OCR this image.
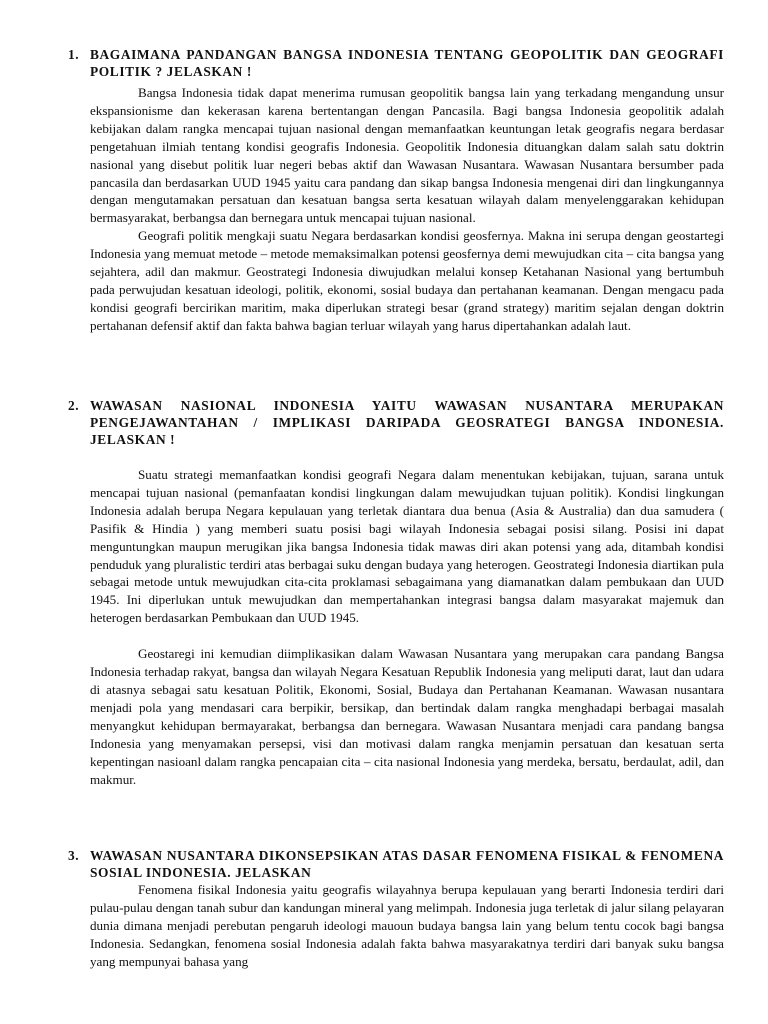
1. BAGAIMANA PANDANGAN BANGSA INDONESIA TENTANG GEOPOLITIK DAN GEOGRAFI POLITIK ? JELASKAN !

Bangsa Indonesia tidak dapat menerima rumusan geopolitik bangsa lain yang terkadang mengandung unsur ekspansionisme dan kekerasan karena bertentangan dengan Pancasila. Bagi bangsa Indonesia geopolitik adalah kebijakan dalam rangka mencapai tujuan nasional dengan memanfaatkan keuntungan letak geografis negara berdasar pengetahuan ilmiah tentang kondisi geografis Indonesia. Geopolitik Indonesia dituangkan dalam salah satu doktrin nasional yang disebut politik luar negeri bebas aktif dan Wawasan Nusantara. Wawasan Nusantara bersumber pada pancasila dan berdasarkan UUD 1945 yaitu cara pandang dan sikap bangsa Indonesia mengenai diri dan lingkungannya dengan mengutamakan persatuan dan kesatuan bangsa serta kesatuan wilayah dalam menyelenggarakan kehidupan bermasyarakat, berbangsa dan bernegara untuk mencapai tujuan nasional.

Geografi politik mengkaji suatu Negara berdasarkan kondisi geosfernya. Makna ini serupa dengan geostartegi Indonesia yang memuat metode – metode memaksimalkan potensi geosfernya demi mewujudkan cita – cita bangsa yang sejahtera, adil dan makmur. Geostrategi Indonesia diwujudkan melalui konsep Ketahanan Nasional yang bertumbuh pada perwujudan kesatuan ideologi, politik, ekonomi, sosial budaya dan pertahanan keamanan. Dengan mengacu pada kondisi geografi bercirikan maritim, maka diperlukan strategi besar (grand strategy) maritim sejalan dengan doktrin pertahanan defensif aktif dan fakta bahwa bagian terluar wilayah yang harus dipertahankan adalah laut.

2. WAWASAN NASIONAL INDONESIA YAITU WAWASAN NUSANTARA MERUPAKAN PENGEJAWANTAHAN / IMPLIKASI DARIPADA GEOSRATEGI BANGSA INDONESIA. JELASKAN !

Suatu strategi memanfaatkan kondisi geografi Negara dalam menentukan kebijakan, tujuan, sarana untuk mencapai tujuan nasional (pemanfaatan kondisi lingkungan dalam mewujudkan tujuan politik). Kondisi lingkungan Indonesia adalah berupa Negara kepulauan yang terletak diantara dua benua (Asia & Australia) dan dua samudera ( Pasifik & Hindia ) yang memberi suatu posisi bagi wilayah Indonesia sebagai posisi silang. Posisi ini dapat menguntungkan maupun merugikan jika bangsa Indonesia tidak mawas diri akan potensi yang ada, ditambah kondisi penduduk yang pluralistic terdiri atas berbagai suku dengan budaya yang heterogen. Geostrategi Indonesia diartikan pula sebagai metode untuk mewujudkan cita-cita proklamasi sebagaimana yang diamanatkan dalam pembukaan dan UUD 1945. Ini diperlukan untuk mewujudkan dan mempertahankan integrasi bangsa dalam masyarakat majemuk dan heterogen berdasarkan Pembukaan dan UUD 1945.

Geostaregi ini kemudian diimplikasikan dalam Wawasan Nusantara yang merupakan cara pandang Bangsa Indonesia terhadap rakyat, bangsa dan wilayah Negara Kesatuan Republik Indonesia yang meliputi darat, laut dan udara di atasnya sebagai satu kesatuan Politik, Ekonomi, Sosial, Budaya dan Pertahanan Keamanan. Wawasan nusantara menjadi pola yang mendasari cara berpikir, bersikap, dan bertindak dalam rangka menghadapi berbagai masalah menyangkut kehidupan bermayarakat, berbangsa dan bernegara. Wawasan Nusantara menjadi cara pandang bangsa Indonesia yang menyamakan persepsi, visi dan motivasi dalam rangka menjamin persatuan dan kesatuan serta kepentingan nasioanl dalam rangka pencapaian cita – cita nasional Indonesia yang merdeka, bersatu, berdaulat, adil, dan makmur.

3. WAWASAN NUSANTARA DIKONSEPSIKAN ATAS DASAR FENOMENA FISIKAL & FENOMENA SOSIAL INDONESIA. JELASKAN

Fenomena fisikal Indonesia yaitu geografis wilayahnya berupa kepulauan yang berarti Indonesia terdiri dari pulau-pulau dengan tanah subur dan kandungan mineral yang melimpah. Indonesia juga terletak di jalur silang pelayaran dunia dimana menjadi perebutan pengaruh ideologi mauoun budaya bangsa lain yang belum tentu cocok bagi bangsa Indonesia. Sedangkan, fenomena sosial Indonesia adalah fakta bahwa masyarakatnya terdiri dari banyak suku bangsa yang mempunyai bahasa yang
